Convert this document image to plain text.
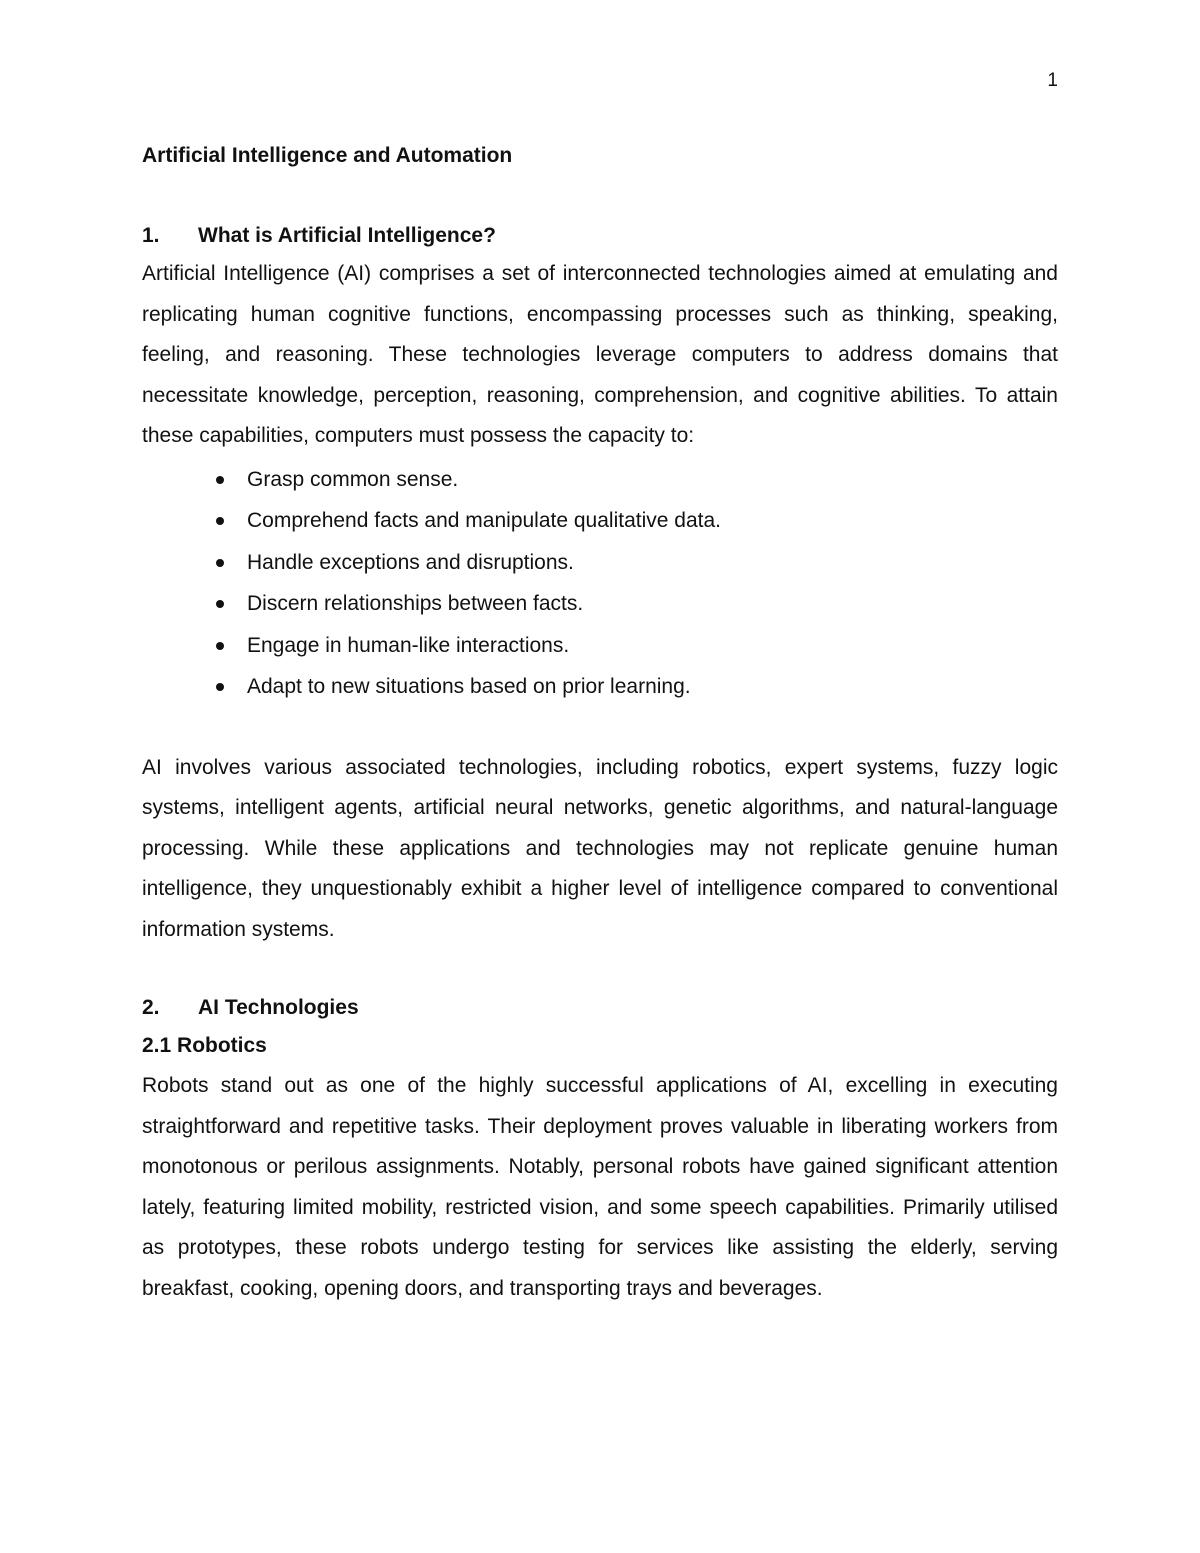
1
Artificial Intelligence and Automation
1. What is Artificial Intelligence?

Artificial Intelligence (AI) comprises a set of interconnected technologies aimed at emulating and replicating human cognitive functions, encompassing processes such as thinking, speaking, feeling, and reasoning. These technologies leverage computers to address domains that necessitate knowledge, perception, reasoning, comprehension, and cognitive abilities. To attain these capabilities, computers must possess the capacity to:

Grasp common sense.
Comprehend facts and manipulate qualitative data.
Handle exceptions and disruptions.
Discern relationships between facts.
Engage in human-like interactions.
Adapt to new situations based on prior learning.

AI involves various associated technologies, including robotics, expert systems, fuzzy logic systems, intelligent agents, artificial neural networks, genetic algorithms, and natural-language processing. While these applications and technologies may not replicate genuine human intelligence, they unquestionably exhibit a higher level of intelligence compared to conventional information systems.

2. AI Technologies
2.1 Robotics

Robots stand out as one of the highly successful applications of AI, excelling in executing straightforward and repetitive tasks. Their deployment proves valuable in liberating workers from monotonous or perilous assignments. Notably, personal robots have gained significant attention lately, featuring limited mobility, restricted vision, and some speech capabilities. Primarily utilised as prototypes, these robots undergo testing for services like assisting the elderly, serving breakfast, cooking, opening doors, and transporting trays and beverages.
